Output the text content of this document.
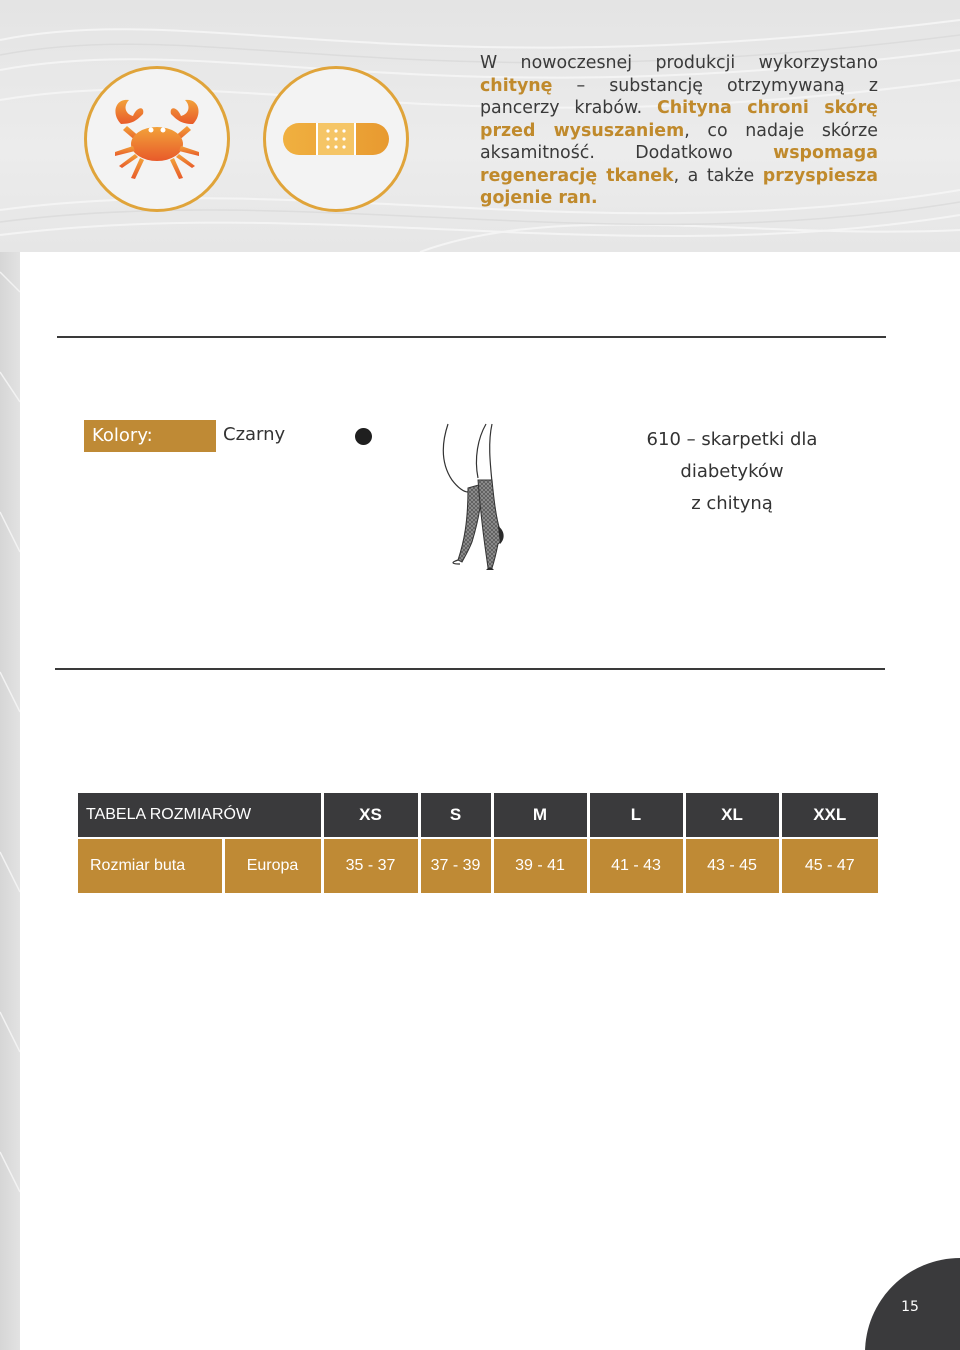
W nowoczesnej produkcji wykorzystano chitynę – substancję otrzymywaną z pancerzy krabów. Chityna chroni skórę przed wysuszaniem, co nadaje skórze aksamitność. Dodatkowo wspomaga regenerację tkanek, a także przyspiesza gojenie ran.
Kolory:	Czarny	610 – skarpetki dla diabetyków
z chityną
TABELA ROZMIARÓW		XS	S	M	L	XL	XXL

Rozmiar buta	Europa	35 - 37	37 - 39	39 - 41	41 - 43	43 - 45	45 - 47
15
